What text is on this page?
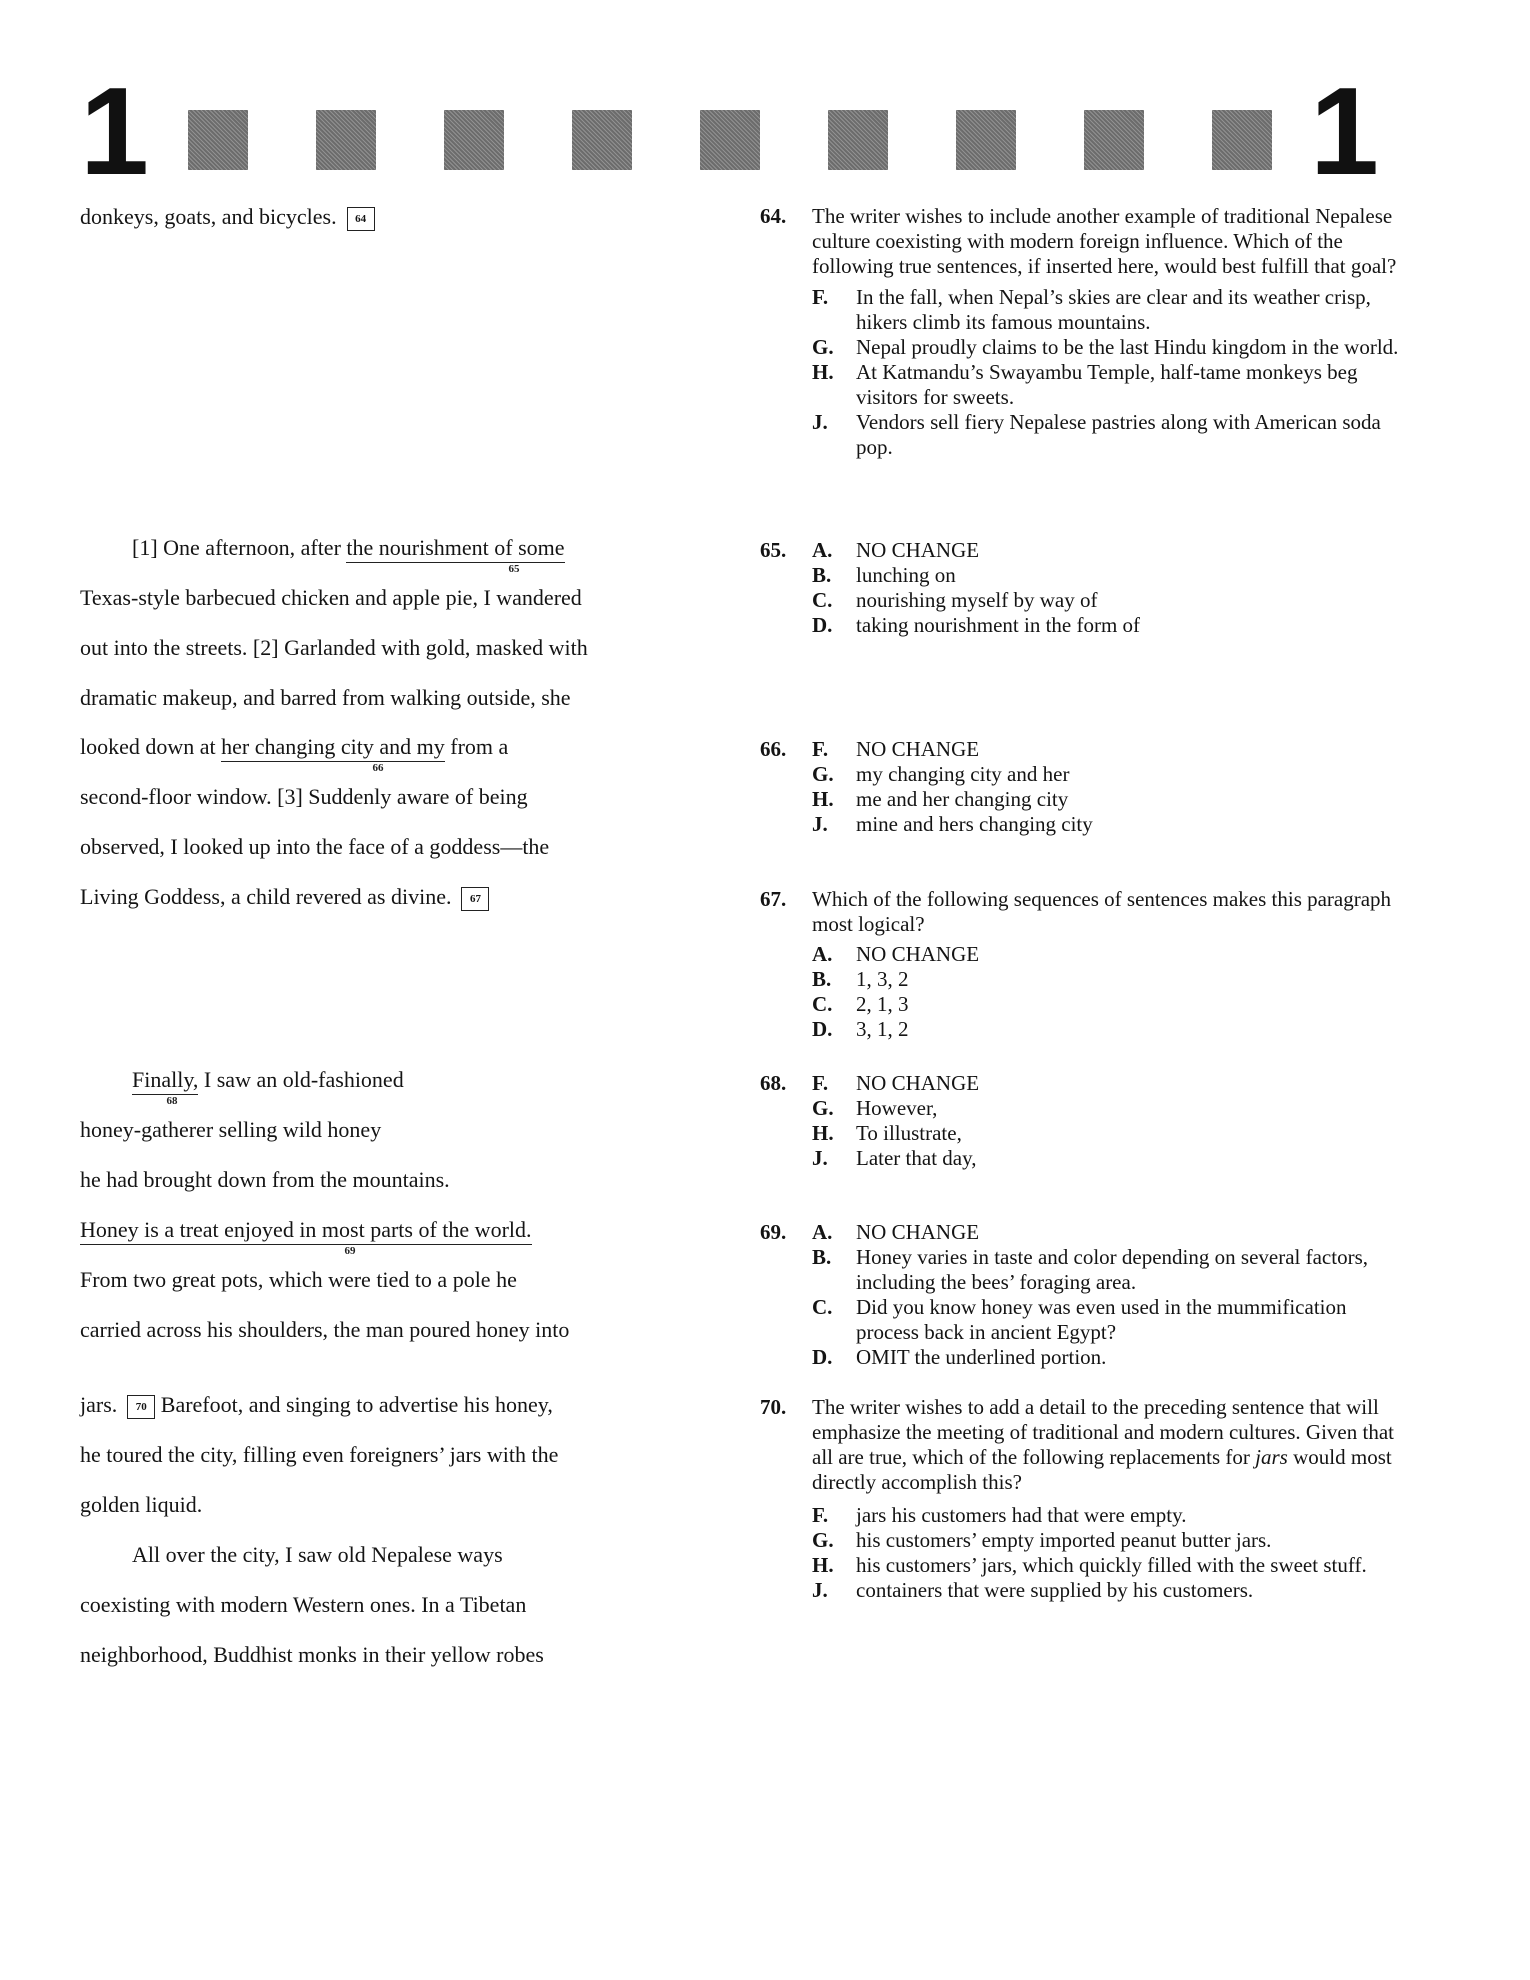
1	1
donkeys, goats, and bicycles. 64
[1] One afternoon, after the nourishment of some
65
Texas-style barbecued chicken and apple pie, I wandered
out into the streets. [2] Garlanded with gold, masked with
dramatic makeup, and barred from walking outside, she
looked down at her changing city and my from a
66
second-floor window. [3] Suddenly aware of being
observed, I looked up into the face of a goddess—the
Living Goddess, a child revered as divine. 67
Finally, I saw an old-fashioned
68
honey-gatherer selling wild honey
he had brought down from the mountains.
Honey is a treat enjoyed in most parts of the world.
69
From two great pots, which were tied to a pole he
carried across his shoulders, the man poured honey into
jars. 70 Barefoot, and singing to advertise his honey,
he toured the city, filling even foreigners’ jars with the
golden liquid.
All over the city, I saw old Nepalese ways
coexisting with modern Western ones. In a Tibetan
neighborhood, Buddhist monks in their yellow robes
64.	The writer wishes to include another example of traditional Nepalese culture coexisting with modern foreign influence. Which of the following true sentences, if inserted here, would best fulfill that goal?
F. In the fall, when Nepal’s skies are clear and its weather crisp, hikers climb its famous mountains.
G. Nepal proudly claims to be the last Hindu kingdom in the world.
H. At Katmandu’s Swayambu Temple, half-tame monkeys beg visitors for sweets.
J. Vendors sell fiery Nepalese pastries along with American soda pop.
65.	A. NO CHANGE
B. lunching on
C. nourishing myself by way of
D. taking nourishment in the form of
66.	F. NO CHANGE
G. my changing city and her
H. me and her changing city
J. mine and hers changing city
67.	Which of the following sequences of sentences makes this paragraph most logical?
A. NO CHANGE
B. 1, 3, 2
C. 2, 1, 3
D. 3, 1, 2
68.	F. NO CHANGE
G. However,
H. To illustrate,
J. Later that day,
69.	A. NO CHANGE
B. Honey varies in taste and color depending on several factors, including the bees’ foraging area.
C. Did you know honey was even used in the mummification process back in ancient Egypt?
D. OMIT the underlined portion.
70.	The writer wishes to add a detail to the preceding sentence that will emphasize the meeting of traditional and modern cultures. Given that all are true, which of the following replacements for jars would most directly accomplish this?
F. jars his customers had that were empty.
G. his customers’ empty imported peanut butter jars.
H. his customers’ jars, which quickly filled with the sweet stuff.
J. containers that were supplied by his customers.
